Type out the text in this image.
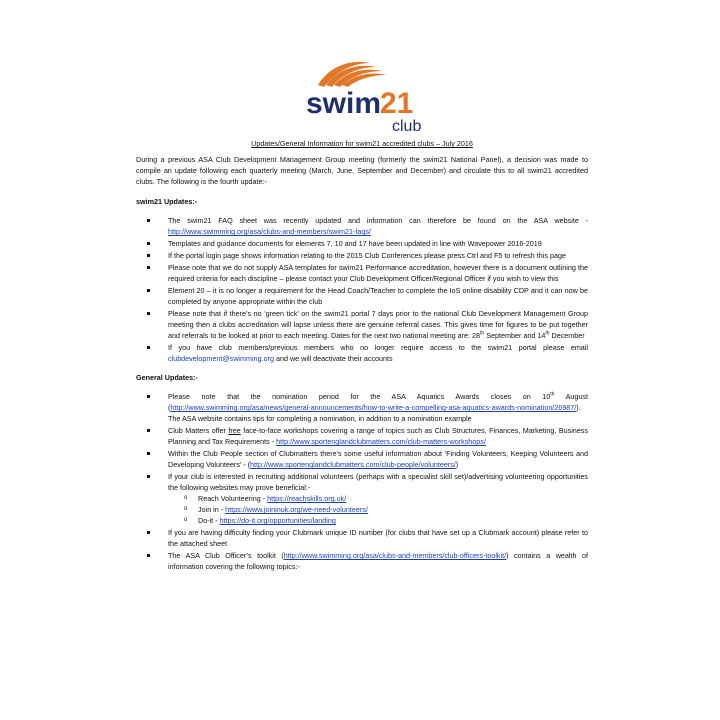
swim
21
club
Updates/General Information for swim21 accredited clubs – July 2016
During a previous ASA Club Development Management Group meeting (formerly the swim21 National Panel), a decision was made to compile an update following each quarterly meeting (March, June, September and December) and circulate this to all swim21 accredited clubs. The following is the fourth update:-
swim21 Updates:-
The swim21 FAQ sheet was recently updated and information can therefore be found on the ASA website - http://www.swimming.org/asa/clubs-and-members/swim21-faqs/
Templates and guidance documents for elements 7, 10 and 17 have been updated in line with Wavepower 2016-2019
If the portal login page shows information relating to the 2015 Club Conferences please press Ctrl and F5 to refresh this page
Please note that we do not supply ASA templates for swim21 Performance accreditation, however there is a document outlining the required criteria for each discipline – please contact your Club Development Officer/Regional Officer if you wish to view this
Element 20 – it is no longer a requirement for the Head Coach/Teacher to complete the IoS online disability CDP and it can now be completed by anyone appropriate within the club
Please note that if there’s no ‘green tick’ on the swim21 portal 7 days prior to the national Club Development Management Group meeting then a clubs accreditation will lapse unless there are genuine referral cases. This gives time for figures to be put together and referrals to be looked at prior to each meeting. Dates for the next two national meeting are: 28th September and 14th December
If you have club members/previous members who no longer require access to the swim21 portal please email clubdevelopment@swimming.org and we will deactivate their accounts
General Updates:-
Please note that the nomination period for the ASA Aquatics Awards closes on 10th August (http://www.swimming.org/asa/news/general-announcements/how-to-write-a-compelling-asa-aquatics-awards-nomination/26987/). The ASA website contains tips for completing a nomination, in addition to a nomination example
Club Matters offer free face-to-face workshops covering a range of topics such as Club Structures, Finances, Marketing, Business Planning and Tax Requirements - http://www.sportenglandclubmatters.com/club-matters-workshops/
Within the Club People section of Clubmatters there’s some useful information about ‘Finding Volunteers, Keeping Volunteers and Developing Volunteers’ - (http://www.sportenglandclubmatters.com/club-people/volunteers/)
If your club is interested in recruiting additional volunteers (perhaps with a specialist skill set)/advertising volunteering opportunities the following websites may prove beneficial:-
o Reach Volunteering - https://reachskills.org.uk/
o Join in - https://www.joininuk.org/we-need-volunteers/
o Do-it - https://do-it.org/opportunities/landing
If you are having difficulty finding your Clubmark unique ID number (for clubs that have set up a Clubmark account) please refer to the attached sheet
The ASA Club Officer’s toolkit (http://www.swimming.org/asa/clubs-and-members/club-officers-toolkit/) contains a wealth of information covering the following topics:-
